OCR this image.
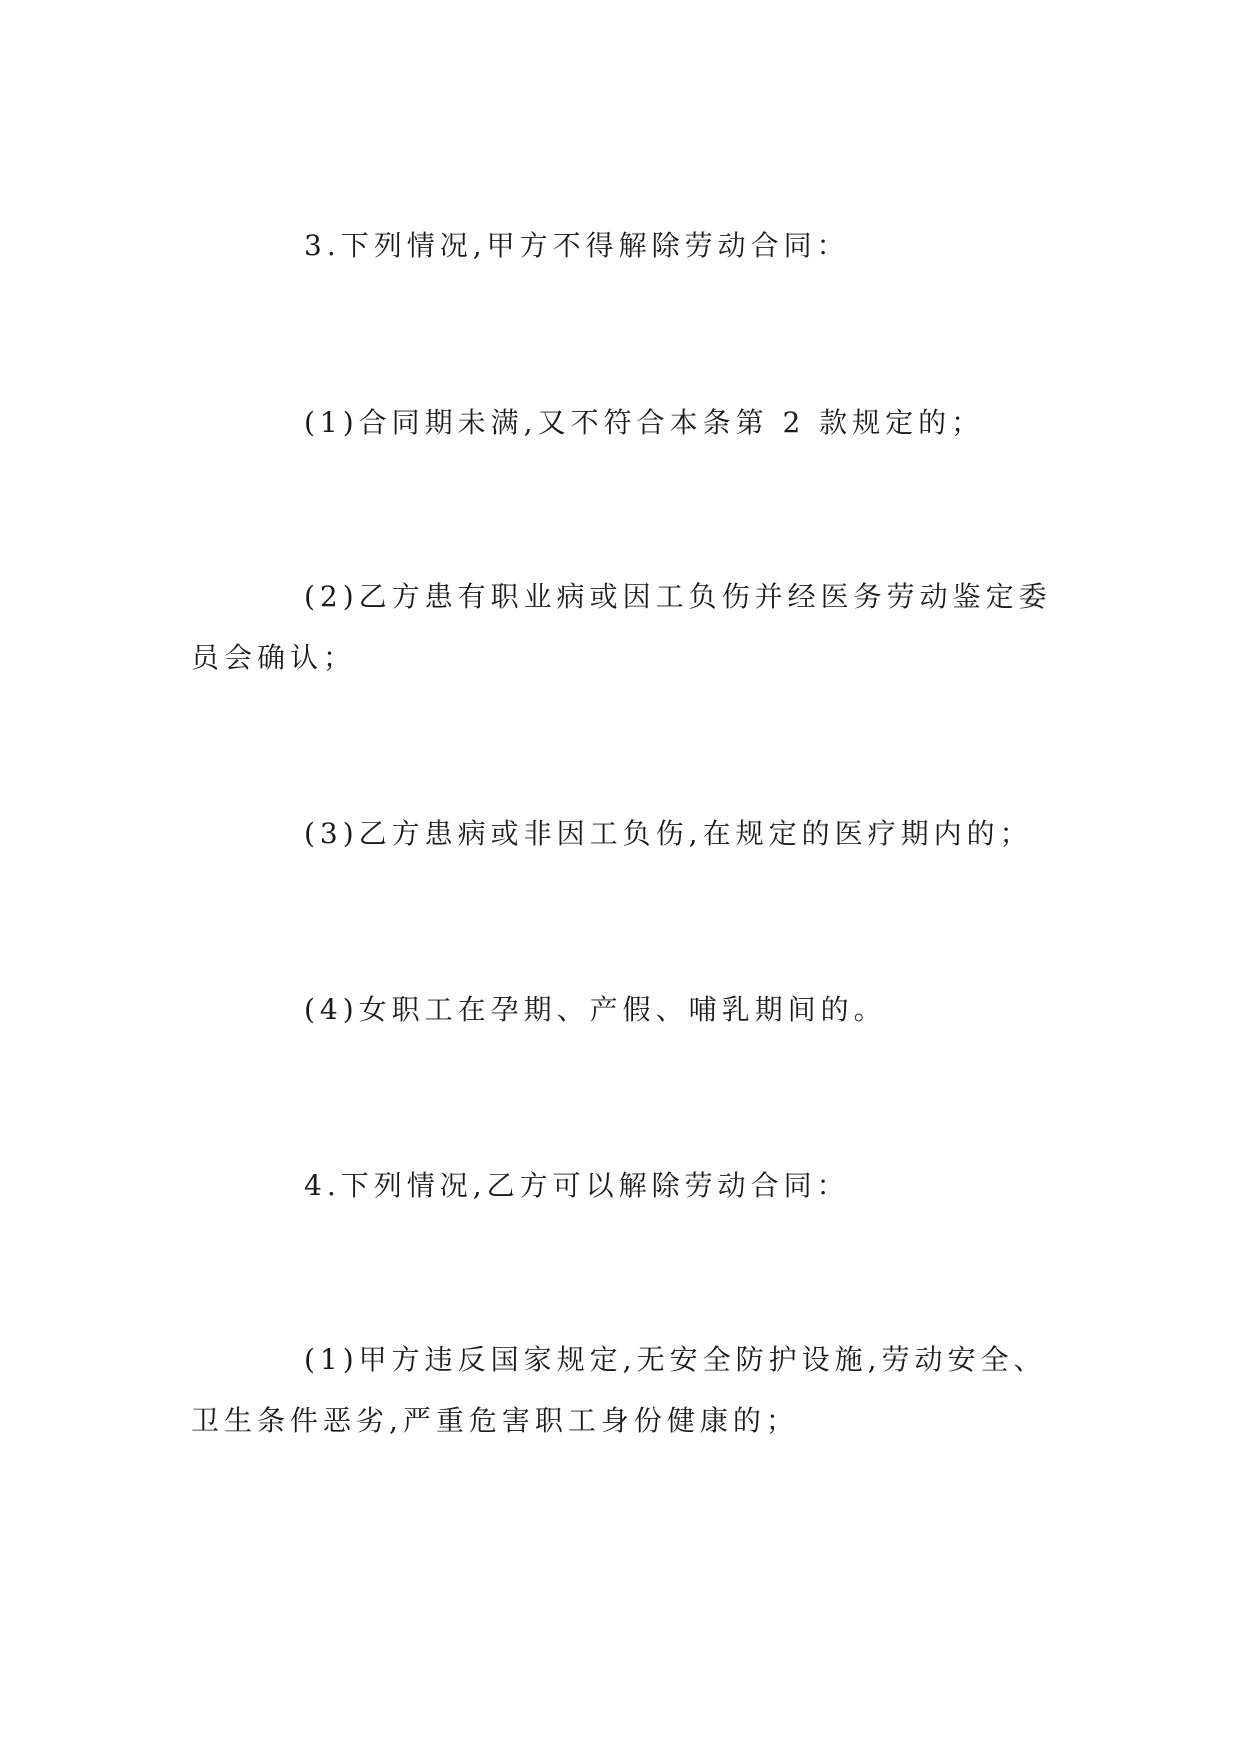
3.下列情况,甲方不得解除劳动合同：
(1)合同期未满,又不符合本条第 2 款规定的；
(2)乙方患有职业病或因工负伤并经医务劳动鉴定委
员会确认；
(3)乙方患病或非因工负伤,在规定的医疗期内的；
(4)女职工在孕期、产假、哺乳期间的。
4.下列情况,乙方可以解除劳动合同：
(1)甲方违反国家规定,无安全防护设施,劳动安全、
卫生条件恶劣,严重危害职工身份健康的；
